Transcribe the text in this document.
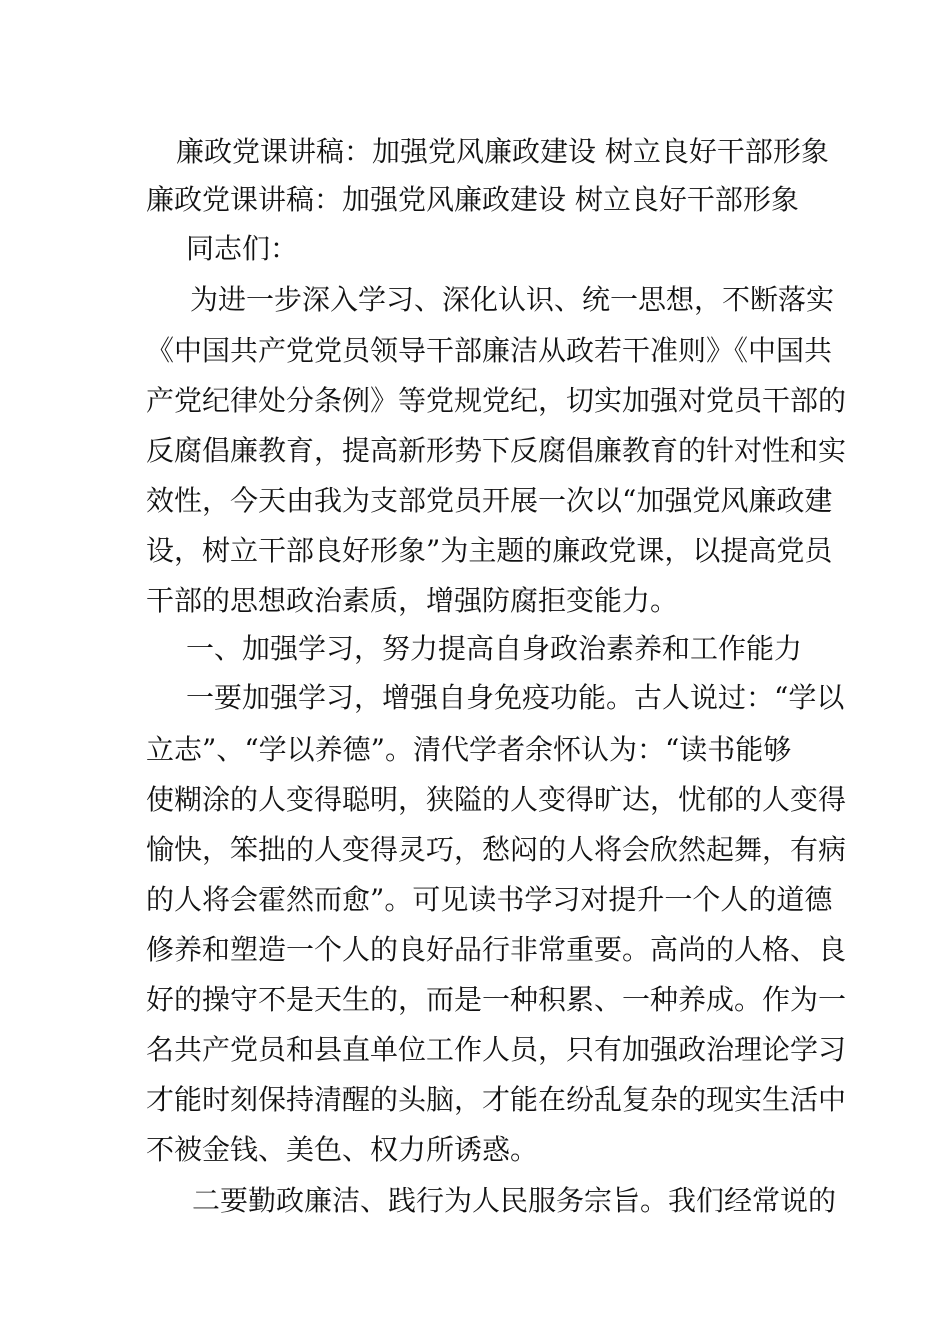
廉政党课讲稿：加强党风廉政建设 树立良好干部形象
廉政党课讲稿：加强党风廉政建设 树立良好干部形象
同志们：
为进一步深入学习、深化认识、统一思想，不断落实
《中国共产党党员领导干部廉洁从政若干准则》《中国共
产党纪律处分条例》等党规党纪，切实加强对党员干部的
反腐倡廉教育，提高新形势下反腐倡廉教育的针对性和实
效性，今天由我为支部党员开展一次以“加强党风廉政建
设，树立干部良好形象”为主题的廉政党课，以提高党员
干部的思想政治素质，增强防腐拒变能力。
一、加强学习，努力提高自身政治素养和工作能力
一要加强学习，增强自身免疫功能。古人说过：“学以
立志”、“学以养德”。清代学者余怀认为：“读书能够
使糊涂的人变得聪明，狭隘的人变得旷达，忧郁的人变得
愉快，笨拙的人变得灵巧，愁闷的人将会欣然起舞，有病
的人将会霍然而愈”。可见读书学习对提升一个人的道德
修养和塑造一个人的良好品行非常重要。高尚的人格、良
好的操守不是天生的，而是一种积累、一种养成。作为一
名共产党员和县直单位工作人员，只有加强政治理论学习
才能时刻保持清醒的头脑，才能在纷乱复杂的现实生活中
不被金钱、美色、权力所诱惑。
二要勤政廉洁、践行为人民服务宗旨。我们经常说的
